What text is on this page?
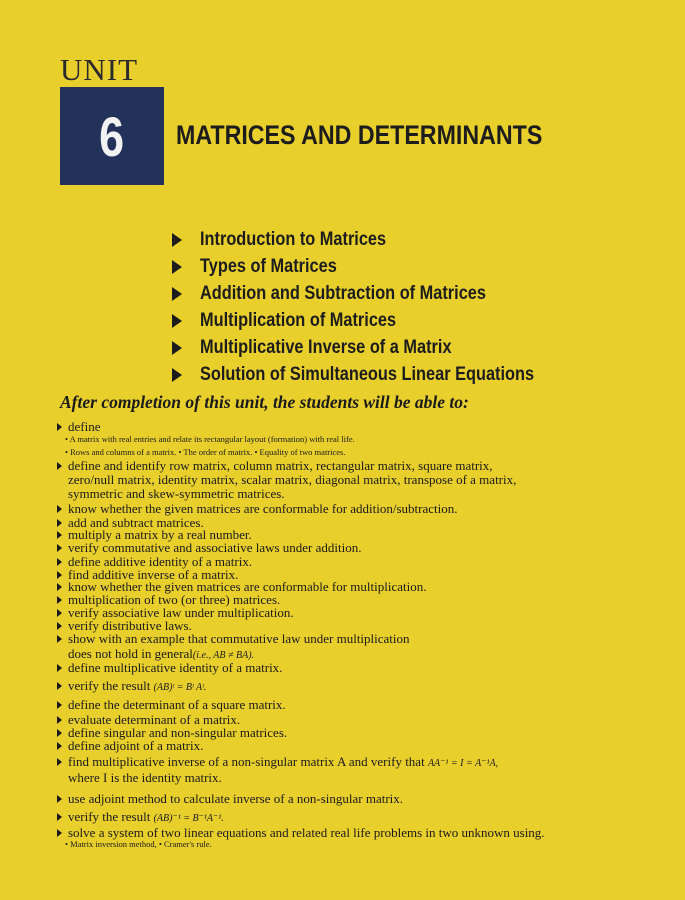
UNIT
6 MATRICES AND DETERMINANTS
Introduction to Matrices
Types of Matrices
Addition and Subtraction of Matrices
Multiplication of Matrices
Multiplicative Inverse of a Matrix
Solution of Simultaneous Linear Equations
After completion of this unit, the students will be able to:
define
• A matrix with real entries and relate its rectangular layout (formation) with real life.
• Rows and columns of a matrix. • The order of matrix. • Equality of two matrices.
define and identify row matrix, column matrix, rectangular matrix, square matrix,
zero/null matrix, identity matrix, scalar matrix, diagonal matrix, transpose of a matrix,
symmetric and skew-symmetric matrices.
know whether the given matrices are conformable for addition/subtraction.
add and subtract matrices.
multiply a matrix by a real number.
verify commutative and associative laws under addition.
define additive identity of a matrix.
find additive inverse of a matrix.
know whether the given matrices are conformable for multiplication.
multiplication of two (or three) matrices.
verify associative law under multiplication.
verify distributive laws.
show with an example that commutative law under multiplication
does not hold in general(i.e., AB ≠ BA).
define multiplicative identity of a matrix.
verify the result (AB)ᵗ = Bᵗ Aᵗ.
define the determinant of a square matrix.
evaluate determinant of a matrix.
define singular and non-singular matrices.
define adjoint of a matrix.
find multiplicative inverse of a non-singular matrix A and verify that AA⁻¹ = I = A⁻¹A,
where I is the identity matrix.
use adjoint method to calculate inverse of a non-singular matrix.
verify the result (AB)⁻¹ = B⁻¹A⁻¹.
solve a system of two linear equations and related real life problems in two unknown using.
• Matrix inversion method, • Cramer's rule.
